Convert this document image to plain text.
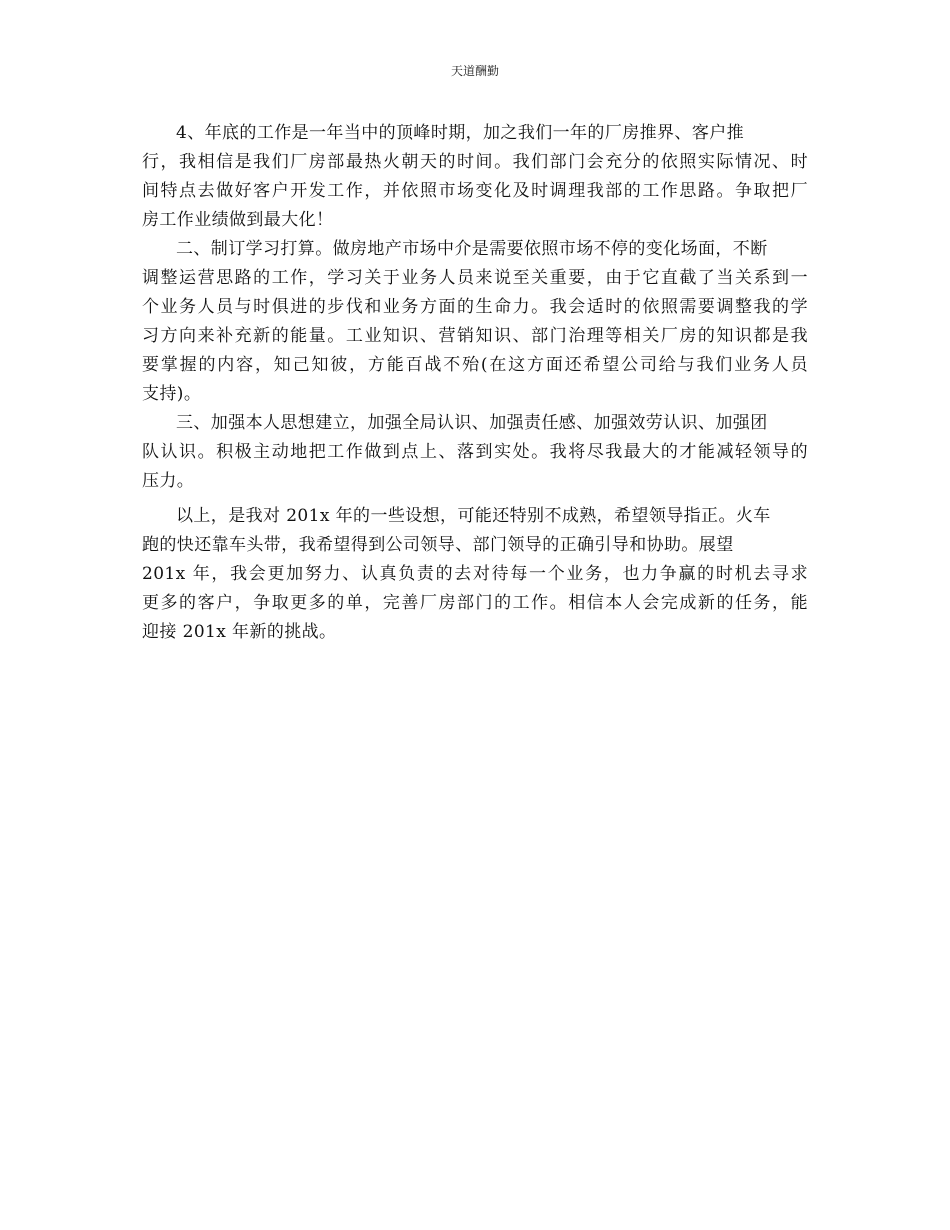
天道酬勤
4、年底的工作是一年当中的顶峰时期，加之我们一年的厂房推界、客户推
行，我相信是我们厂房部最热火朝天的时间。我们部门会充分的依照实际情况、时
间特点去做好客户开发工作，并依照市场变化及时调理我部的工作思路。争取把厂
房工作业绩做到最大化！
二、制订学习打算。做房地产市场中介是需要依照市场不停的变化场面，不断
调整运营思路的工作，学习关于业务人员来说至关重要，由于它直截了当关系到一
个业务人员与时俱进的步伐和业务方面的生命力。我会适时的依照需要调整我的学
习方向来补充新的能量。工业知识、营销知识、部门治理等相关厂房的知识都是我
要掌握的内容，知己知彼，方能百战不殆(在这方面还希望公司给与我们业务人员
支持)。
三、加强本人思想建立，加强全局认识、加强责任感、加强效劳认识、加强团
队认识。积极主动地把工作做到点上、落到实处。我将尽我最大的才能减轻领导的
压力。
以上，是我对 201x 年的一些设想，可能还特别不成熟，希望领导指正。火车
跑的快还靠车头带，我希望得到公司领导、部门领导的正确引导和协助。展望
201x 年，我会更加努力、认真负责的去对待每一个业务，也力争赢的时机去寻求
更多的客户，争取更多的单，完善厂房部门的工作。相信本人会完成新的任务，能
迎接 201x 年新的挑战。
